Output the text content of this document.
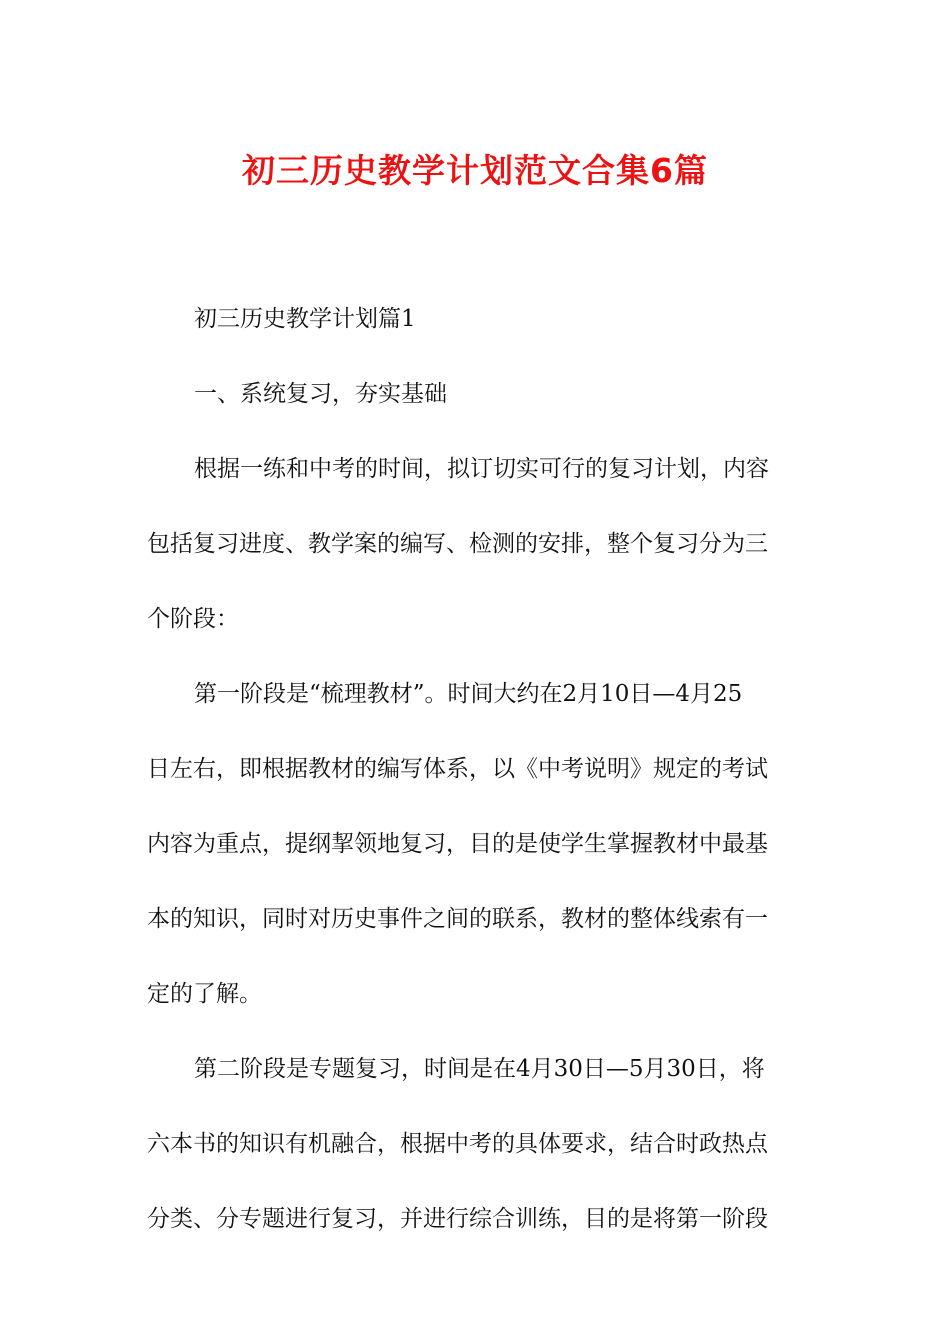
初三历史教学计划范文合集6篇
初三历史教学计划篇1
一、系统复习，夯实基础
根据一练和中考的时间，拟订切实可行的复习计划，内容
包括复习进度、教学案的编写、检测的安排，整个复习分为三
个阶段：
第一阶段是“梳理教材”。时间大约在2月10日—4月25
日左右，即根据教材的编写体系，以《中考说明》规定的考试
内容为重点，提纲挈领地复习，目的是使学生掌握教材中最基
本的知识，同时对历史事件之间的联系，教材的整体线索有一
定的了解。
第二阶段是专题复习，时间是在4月30日—5月30日，将
六本书的知识有机融合，根据中考的具体要求，结合时政热点
分类、分专题进行复习，并进行综合训练，目的是将第一阶段
